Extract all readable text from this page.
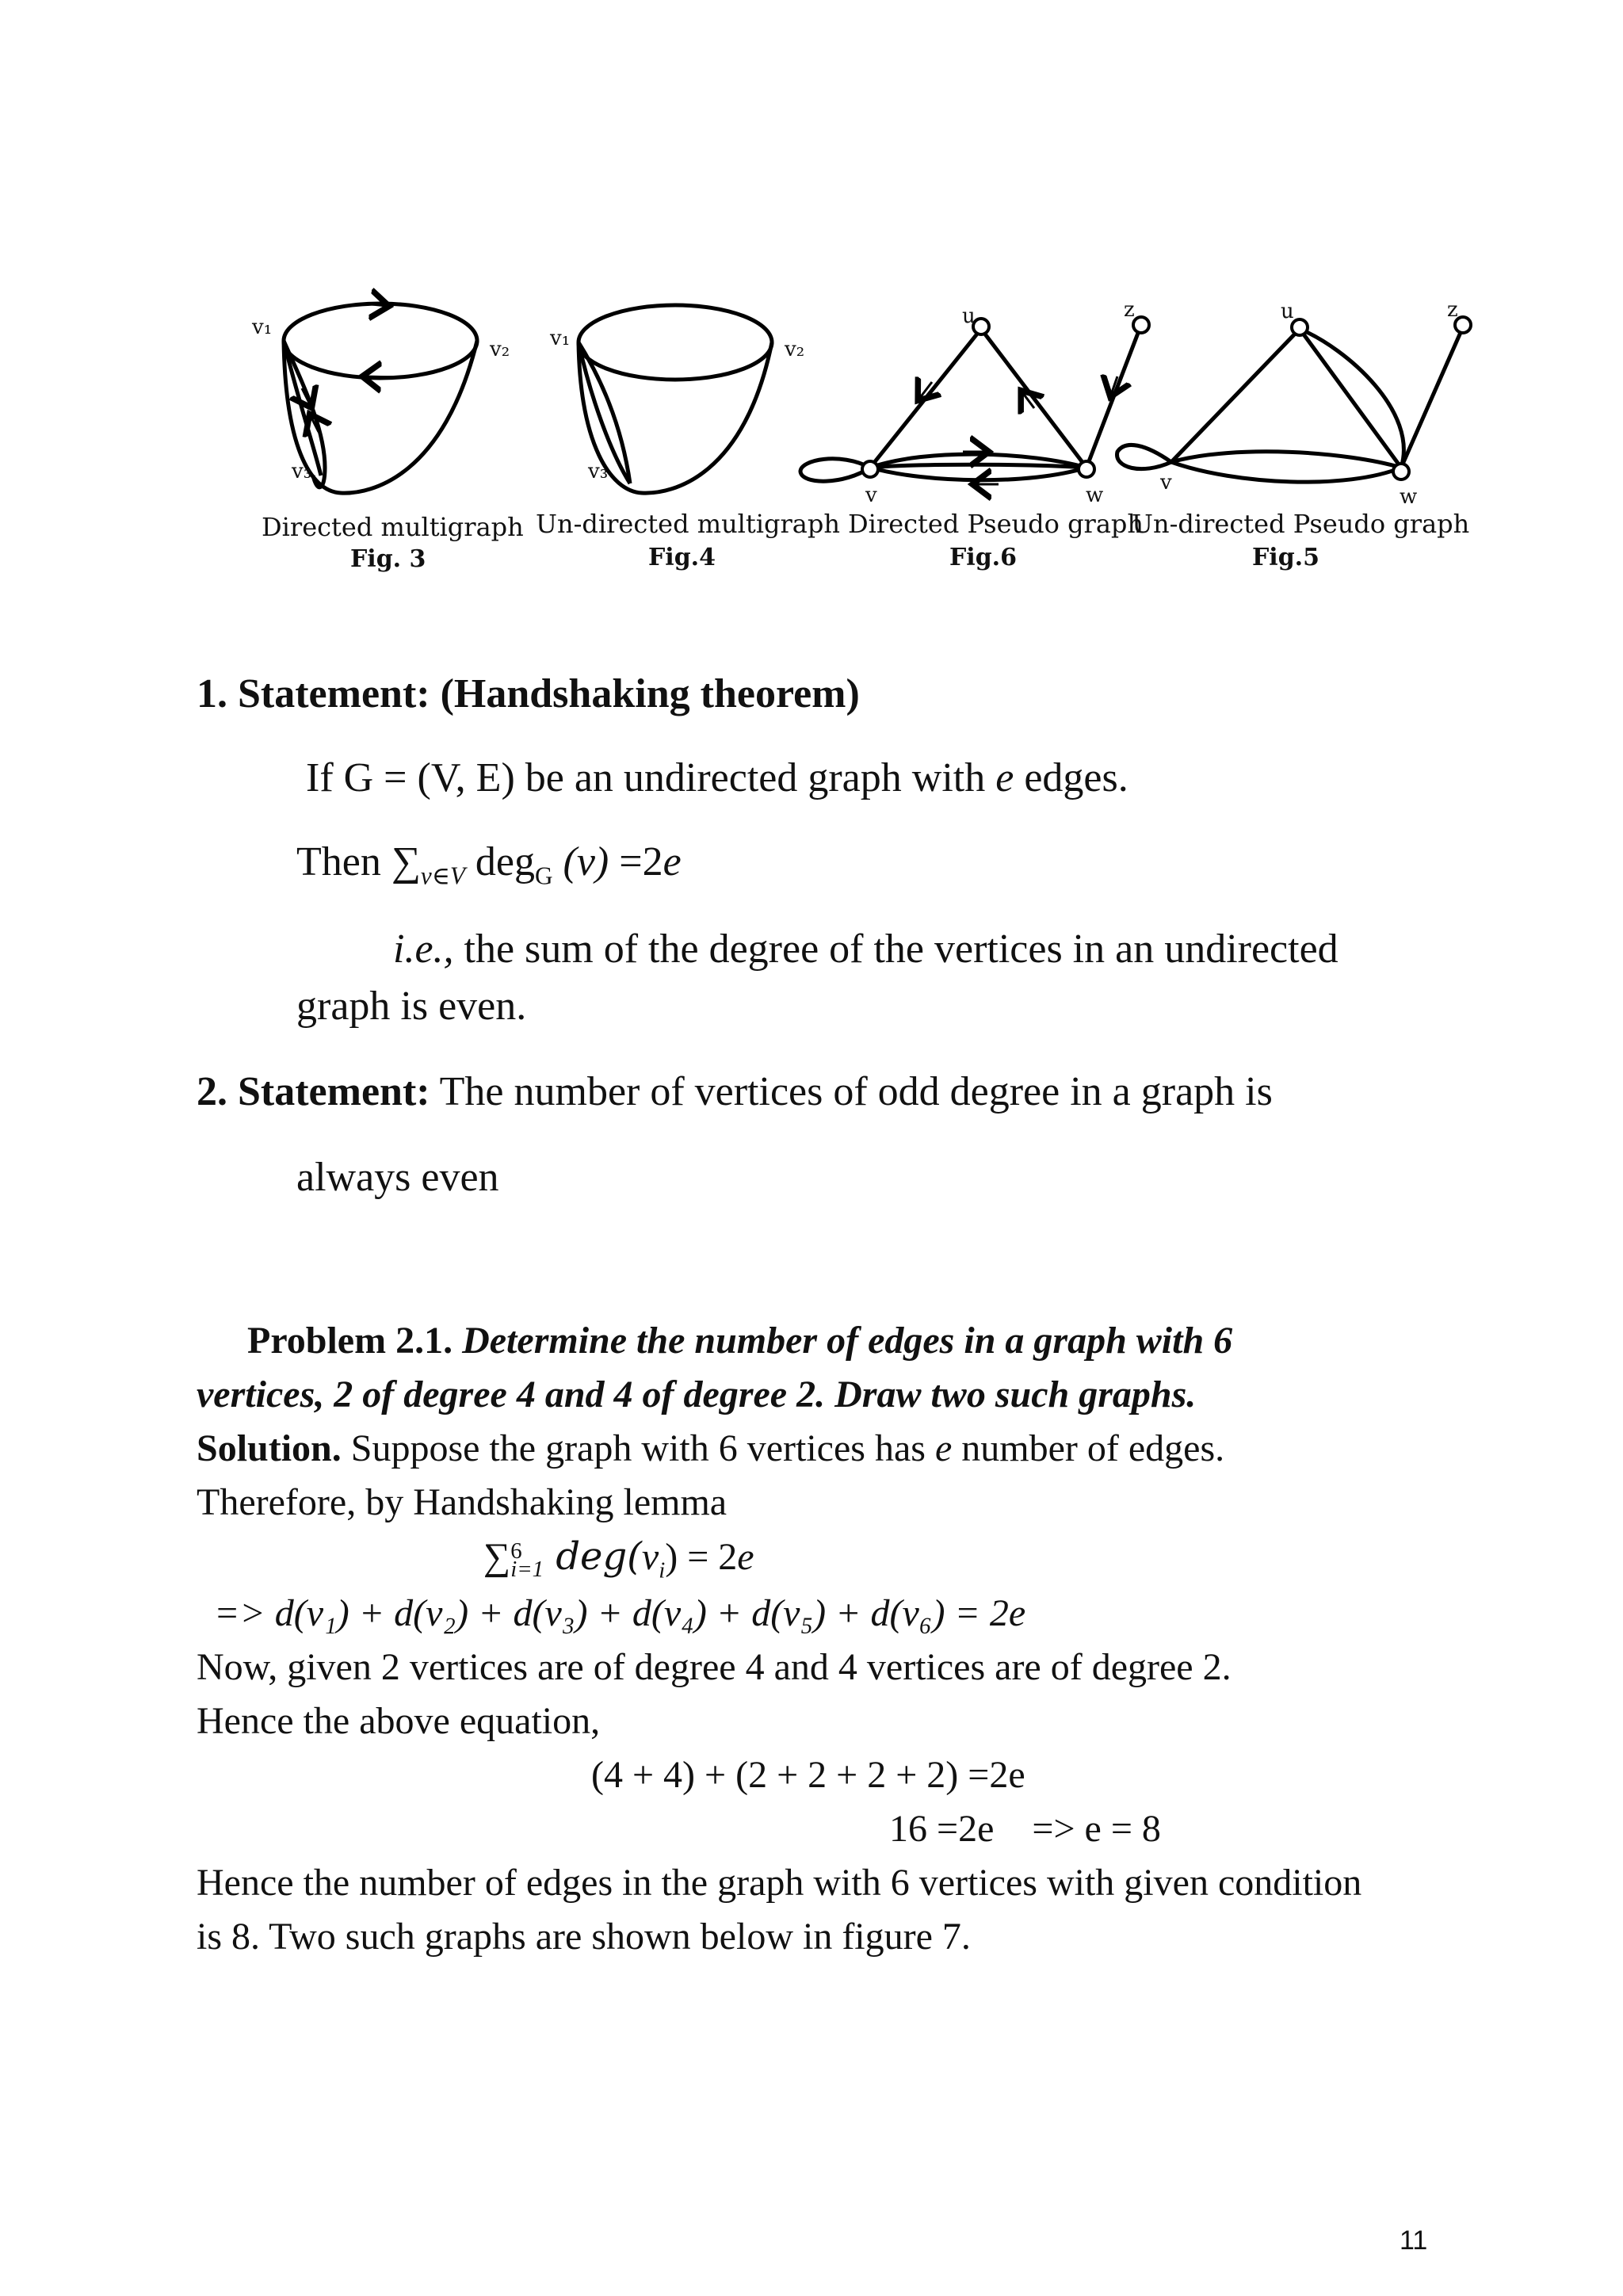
v₁
v₂
v₃
v₁	v₂
v₃
u	z
v	w
u	z
v
w
Directed multigraph
Fig. 3
Un-directed multigraph
Fig.4
Directed Pseudo graph
Fig.6
Un-directed Pseudo graph
Fig.5
1. Statement: (Handshaking theorem)
If G = (V, E) be an undirected graph with e edges.
Then $\sum_{v\in V}$ deg$_G$ (v) =2e
i.e., the sum of the degree of the vertices in an undirected
graph is even.
2. Statement: The number of vertices of odd degree in a graph is
always even
Problem 2.1. Determine the number of edges in a graph with 6
vertices, 2 of degree 4 and 4 of degree 2. Draw two such graphs.
Solution. Suppose the graph with 6 vertices has e number of edges.
Therefore, by Handshaking lemma
∑ 6
i=1 $deg(v_i) = 2e$
=> d(v₁) + d(v₂) + d(v₃) + d(v₄) + d(v₅) + d(v₆) = 2e
Now, given 2 vertices are of degree 4 and 4 vertices are of degree 2.
Hence the above equation,
(4 + 4) + (2 + 2 + 2 + 2) =2e
16 =2e    => e = 8
Hence the number of edges in the graph with 6 vertices with given condition
is 8. Two such graphs are shown below in figure 7.
11
